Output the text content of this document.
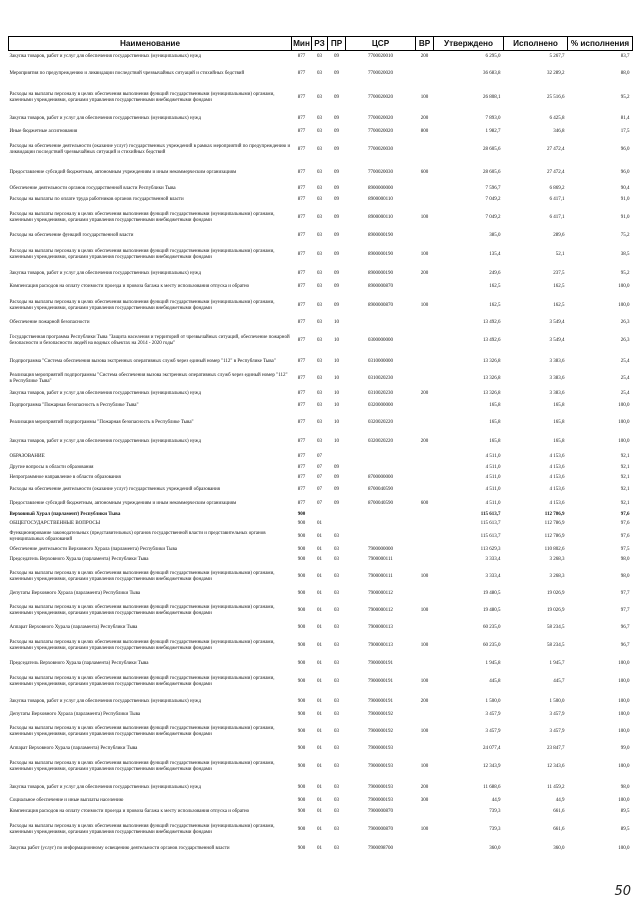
Наименование	Мин	РЗ	ПР	ЦСР	ВР	Утверждено	Исполнено	% исполнения
Закупка товаров, работ и услуг для обеспечения государственных (муниципальных) нужд	877	03	09	7700020010	200	6 295,0	5 267,7	83,7
Мероприятия по предупреждению и ликвидации последствий чрезвычайных ситуаций и стихийных бедствий	877	03	09	7700020020		36 683,8	32 289,2	88,0
Расходы на выплаты персоналу в целях обеспечения выполнения функций государственными (муниципальными) органами, казенными учреждениями, органами управления государственными внебюджетными фондами	877	03	09	7700020020	100	26 808,1	25 516,6	95,2
Закупка товаров, работ и услуг для обеспечения государственных (муниципальных) нужд	877	03	09	7700020020	200	7 893,0	6 425,8	81,4
Иные бюджетные ассигнования	877	03	09	7700020020	800	1 982,7	346,8	17,5
Расходы на обеспечение деятельности (оказание услуг) государственных учреждений в рамках мероприятий по предупреждению и ликвидации последствий чрезвычайных ситуаций и стихийных бедствий	877	03	09	7700020030		28 605,6	27 472,4	96,0
Предоставление субсидий бюджетным, автономным учреждениям и иным некоммерческим организациям	877	03	09	7700020030	600	28 605,6	27 472,4	96,0
Обеспечение деятельности органов государственной власти Республики Тыва	877	03	09	8900000000		7 596,7	6 869,2	90,4
Расходы на выплаты по оплате труда работников органов государственной власти	877	03	09	8900000110		7 049,2	6 417,1	91,0
Расходы на выплаты персоналу в целях обеспечения выполнения функций государственными (муниципальными) органами, казенными учреждениями, органами управления государственными внебюджетными фондами	877	03	09	8900000110	100	7 049,2	6 417,1	91,0
Расходы на обеспечение функций государственной власти	877	03	09	8900000190		385,0	289,6	75,2
Расходы на выплаты персоналу в целях обеспечения выполнения функций государственными (муниципальными) органами, казенными учреждениями, органами управления государственными внебюджетными фондами	877	03	09	8900000190	100	135,4	52,1	38,5
Закупка товаров, работ и услуг для обеспечения государственных (муниципальных) нужд	877	03	09	8900000190	200	249,6	237,5	95,2
Компенсация расходов на оплату стоимости проезда и провоза багажа к месту использования отпуска и обратно	877	03	09	8900000870		162,5	162,5	100,0
Расходы на выплаты персоналу в целях обеспечения выполнения функций государственными (муниципальными) органами, казенными учреждениями, органами управления государственными внебюджетными фондами	877	03	09	8900000870	100	162,5	162,5	100,0
Обеспечение пожарной безопасности	877	03	10			13 492,6	3 549,4	26,3
Государственная программа Республики Тыва "Защита населения и территорий от чрезвычайных ситуаций, обеспечение пожарной безопасности и безопасности людей на водных объектах на 2014 - 2020 годы"	877	03	10	0300000000		13 492,6	3 549,4	26,3
Подпрограмма "Система обеспечения вызова экстренных оперативных служб через единый номер "112" в Республике Тыва"	877	03	10	0310000000		13 326,8	3 383,6	25,4
Реализация мероприятий подпрограммы "Система обеспечения вызова экстренных оперативных служб через единый номер "112" в Республике Тыва"	877	03	10	0310020230		13 326,8	3 383,6	25,4
Закупка товаров, работ и услуг для обеспечения государственных (муниципальных) нужд	877	03	10	0310020230	200	13 326,8	3 383,6	25,4
Подпрограмма "Пожарная безопасность в Республике Тыва"	877	03	10	0320000000		165,8	165,8	100,0
Реализация мероприятий подпрограммы "Пожарная безопасность в Республике Тыва"	877	03	10	0320020220		165,8	165,8	100,0
Закупка товаров, работ и услуг для обеспечения государственных (муниципальных) нужд	877	03	10	0320020220	200	165,8	165,8	100,0
ОБРАЗОВАНИЕ	877	07				4 511,0	4 153,6	92,1
Другие вопросы в области образования	877	07	09			4 511,0	4 153,6	92,1
Непрограммное направление в области образования	877	07	09	8700000000		4 511,0	4 153,6	92,1
Расходы на обеспечение деятельности (оказание услуг) государственных учреждений образования	877	07	09	8700040590		4 511,0	4 153,6	92,1
Предоставление субсидий бюджетным, автономным учреждениям и иным некоммерческим организациям	877	07	09	8700040590	600	4 511,0	4 153,6	92,1
Верховный Хурал (парламент) Республики Тыва	900					115 613,7	112 786,9	97,6
ОБЩЕГОСУДАРСТВЕННЫЕ ВОПРОСЫ	900	01				115 613,7	112 786,9	97,6
Функционирование законодательных (представительных) органов государственной власти и представительных органов муниципальных образований	900	01	03			115 613,7	112 786,9	97,6
Обеспечение деятельности Верховного Хурала (парламента) Республики Тыва	900	01	03	7900000000		113 629,3	110 802,6	97,5
Председатель Верховного Хурала (парламента) Республики Тыва	900	01	03	7900000111		3 333,4	3 268,3	98,0
Расходы на выплаты персоналу в целях обеспечения выполнения функций государственными (муниципальными) органами, казенными учреждениями, органами управления государственными внебюджетными фондами	900	01	03	7900000111	100	3 333,4	3 268,3	98,0
Депутаты Верховного Хурала (парламента) Республики Тыва	900	01	03	7900000112		19 480,5	19 026,9	97,7
Расходы на выплаты персоналу в целях обеспечения выполнения функций государственными (муниципальными) органами, казенными учреждениями, органами управления государственными внебюджетными фондами	900	01	03	7900000112	100	19 480,5	19 026,9	97,7
Аппарат Верховного Хурала (парламента) Республики Тыва	900	01	03	7900000113		60 235,0	58 234,5	96,7
Расходы на выплаты персоналу в целях обеспечения выполнения функций государственными (муниципальными) органами, казенными учреждениями, органами управления государственными внебюджетными фондами	900	01	03	7900000113	100	60 235,0	58 234,5	96,7
Председатель Верховного Хурала (парламента) Республики Тыва	900	01	03	7900000191		1 945,8	1 945,7	100,0
Расходы на выплаты персоналу в целях обеспечения выполнения функций государственными (муниципальными) органами, казенными учреждениями, органами управления государственными внебюджетными фондами	900	01	03	7900000191	100	445,8	445,7	100,0
Закупка товаров, работ и услуг для обеспечения государственных (муниципальных) нужд	900	01	03	7900000191	200	1 500,0	1 500,0	100,0
Депутаты Верховного Хурала (парламента) Республики Тыва	900	01	03	7900000192		3 457,9	3 457,9	100,0
Расходы на выплаты персоналу в целях обеспечения выполнения функций государственными (муниципальными) органами, казенными учреждениями, органами управления государственными внебюджетными фондами	900	01	03	7900000192	100	3 457,9	3 457,9	100,0
Аппарат Верховного Хурала (парламента) Республики Тыва	900	01	03	7900000193		24 077,4	23 847,7	99,0
Расходы на выплаты персоналу в целях обеспечения выполнения функций государственными (муниципальными) органами, казенными учреждениями, органами управления государственными внебюджетными фондами	900	01	03	7900000193	100	12 343,9	12 343,6	100,0
Закупка товаров, работ и услуг для обеспечения государственных (муниципальных) нужд	900	01	03	7900000193	200	11 688,6	11 459,2	98,0
Социальное обеспечение и иные выплаты населению	900	01	03	7900000193	300	44,9	44,9	100,0
Компенсация расходов на оплату стоимости проезда и провоза багажа к месту использования отпуска и обратно	900	01	03	7900000870		739,3	661,6	89,5
Расходы на выплаты персоналу в целях обеспечения выполнения функций государственными (муниципальными) органами, казенными учреждениями, органами управления государственными внебюджетными фондами	900	01	03	7900000870	100	739,3	661,6	89,5
Закупка работ (услуг) по информационному освещению деятельности органов государственной власти	900	01	03	7900098700		360,0	360,0	100,0
50
